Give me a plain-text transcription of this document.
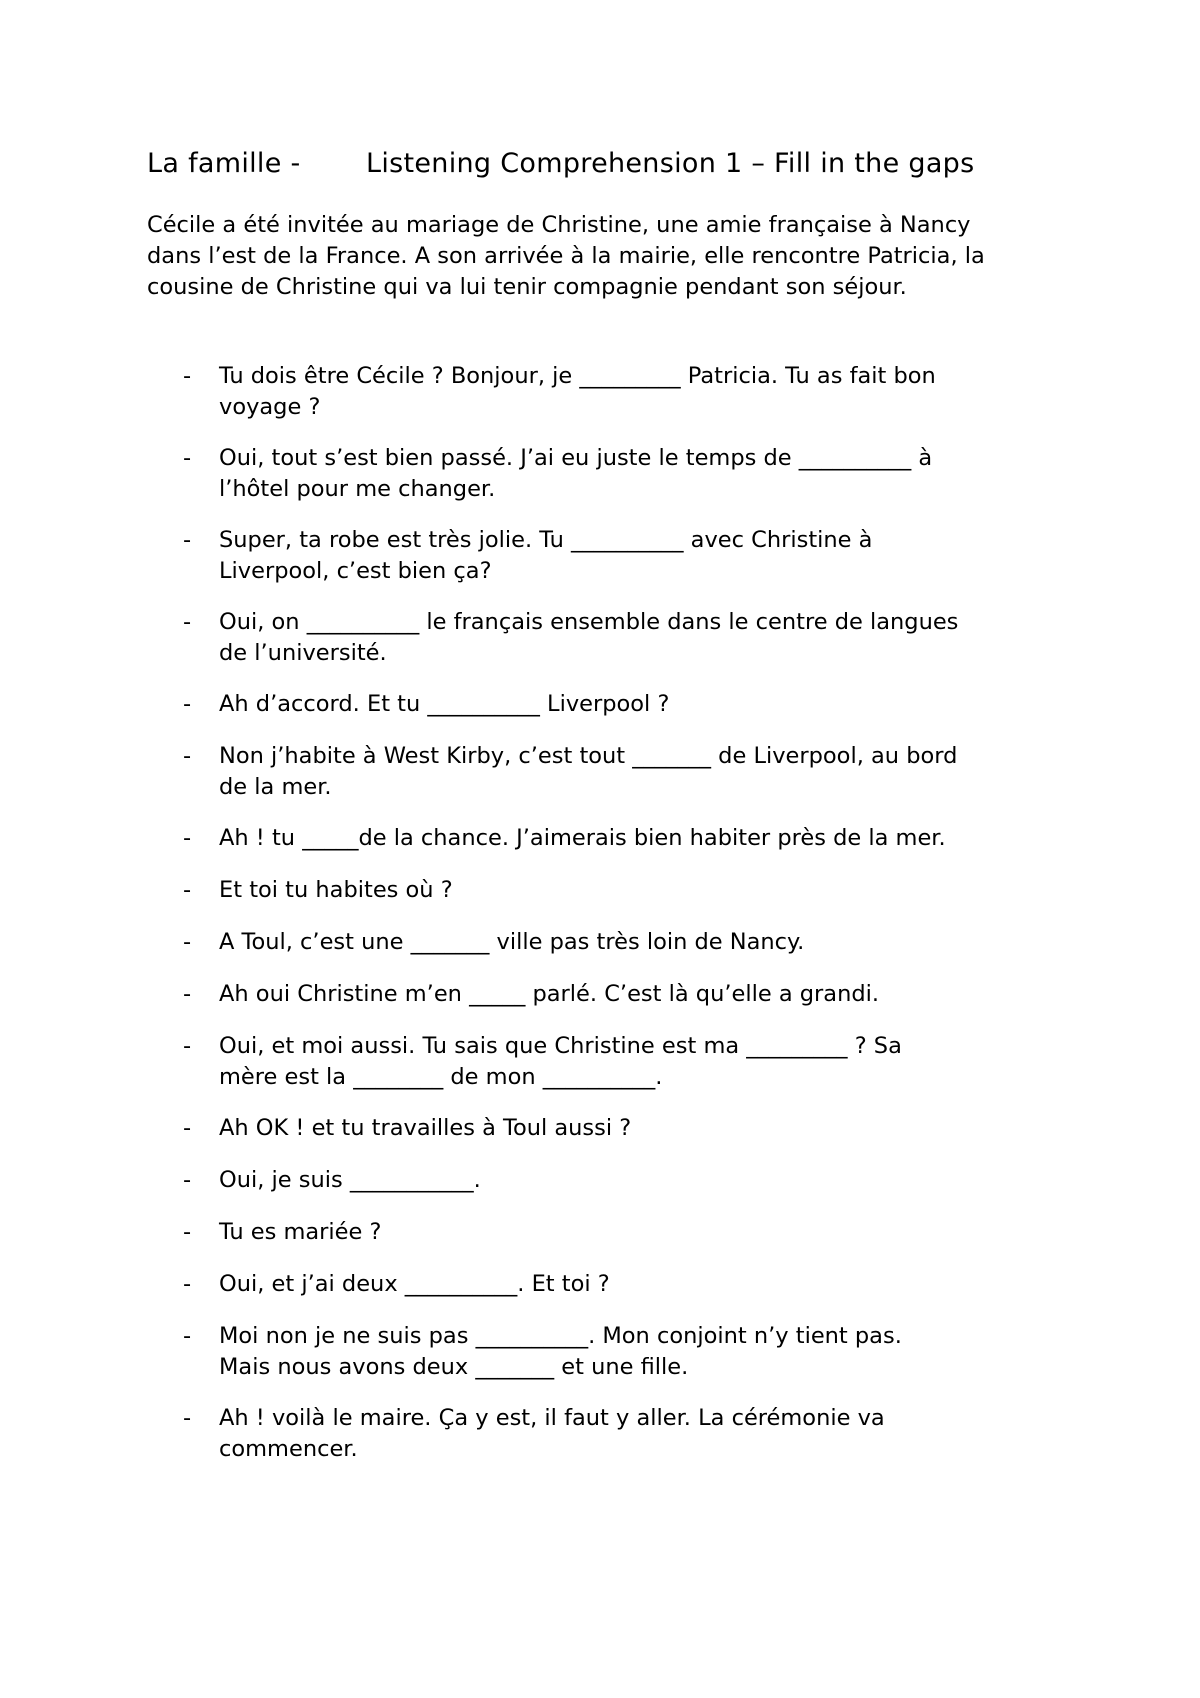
La famille - Listening Comprehension 1 – Fill in the gaps

Cécile a été invitée au mariage de Christine, une amie française à Nancy
dans l’est de la France. A son arrivée à la mairie, elle rencontre Patricia, la
cousine de Christine qui va lui tenir compagnie pendant son séjour.

- Tu dois être Cécile ? Bonjour, je _________ Patricia. Tu as fait bon
voyage ?
- Oui, tout s’est bien passé. J’ai eu juste le temps de __________ à
l’hôtel pour me changer.
- Super, ta robe est très jolie. Tu __________ avec Christine à
Liverpool, c’est bien ça?
- Oui, on __________ le français ensemble dans le centre de langues
de l’université.
- Ah d’accord. Et tu __________ Liverpool ?
- Non j’habite à West Kirby, c’est tout _______ de Liverpool, au bord
de la mer.
- Ah ! tu _____de la chance. J’aimerais bien habiter près de la mer.
- Et toi tu habites où ?
- A Toul, c’est une _______ ville pas très loin de Nancy.
- Ah oui Christine m’en _____ parlé. C’est là qu’elle a grandi.
- Oui, et moi aussi. Tu sais que Christine est ma _________ ? Sa
mère est la ________ de mon __________.
- Ah OK ! et tu travailles à Toul aussi ?
- Oui, je suis ___________.
- Tu es mariée ?
- Oui, et j’ai deux __________. Et toi ?
- Moi non je ne suis pas __________. Mon conjoint n’y tient pas.
Mais nous avons deux _______ et une fille.
- Ah ! voilà le maire. Ça y est, il faut y aller. La cérémonie va
commencer.
